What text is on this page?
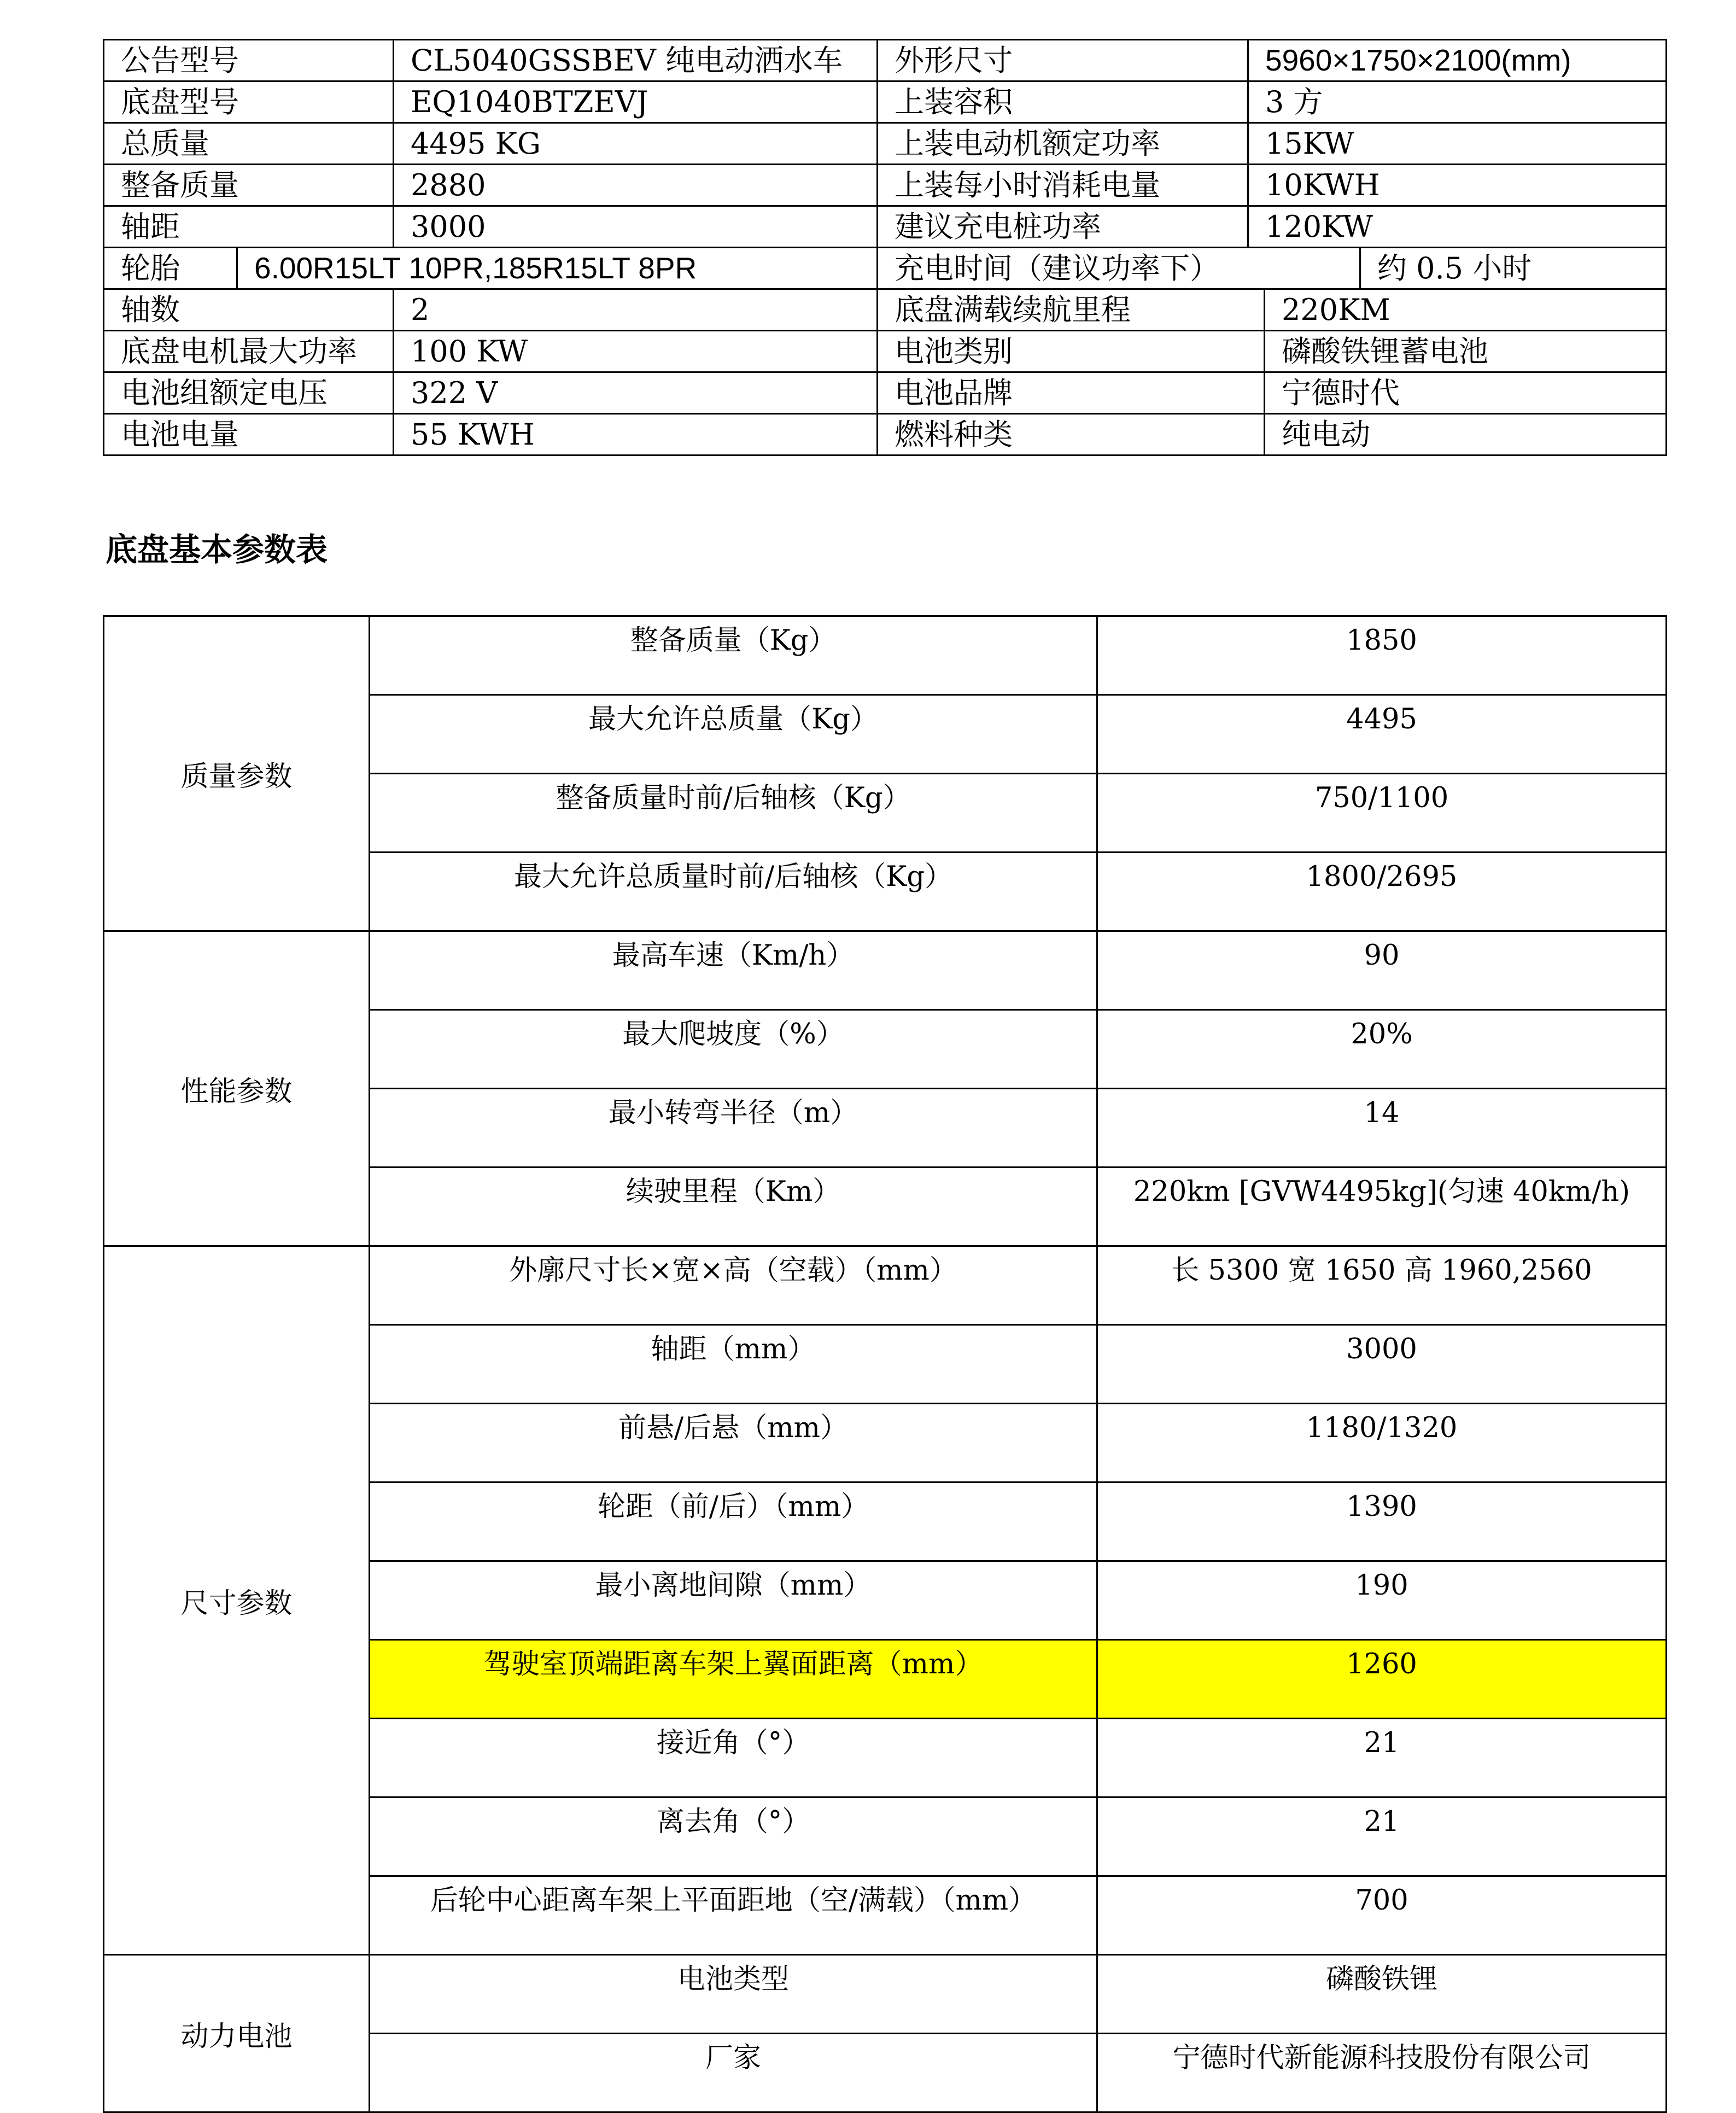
公告型号		CL5040GSSBEV 纯电动洒水车	外形尺寸	5960×1750×2100(mm)		
底盘型号		EQ1040BTZEVJ	上装容积	3 方		
总质量		4495 KG	上装电动机额定功率	15KW		
整备质量		2880	上装每小时消耗电量	10KWH		
轴距		3000	建议充电桩功率	120KW		
轮胎	6.00R15LT 10PR,185R15LT 8PR		充电时间（建议功率下）			约 0.5 小时
轴数		2	底盘满载续航里程		220KM	
底盘电机最大功率		100 KW	电池类别		磷酸铁锂蓄电池	
电池组额定电压		322 V	电池品牌		宁德时代	
电池电量		55 KWH	燃料种类		纯电动	
底盘基本参数表
质量参数	整备质量（Kg）	1850
	最大允许总质量（Kg）	4495
	整备质量时前/后轴核（Kg）	750/1100
	最大允许总质量时前/后轴核（Kg）	1800/2695
性能参数	最高车速（Km/h）	90
	最大爬坡度（%）	20%
	最小转弯半径（m）	14
	续驶里程（Km）	220km [GVW4495kg](匀速 40km/h)
尺寸参数	外廓尺寸长×宽×高（空载）（mm）	长 5300 宽 1650 高 1960,2560
	轴距（mm）	3000
	前悬/后悬（mm）	1180/1320
	轮距（前/后）（mm）	1390
	最小离地间隙（mm）	190
	驾驶室顶端距离车架上翼面距离（mm）	1260
	接近角（°）	21
	离去角（°）	21
	后轮中心距离车架上平面距地（空/满载）（mm）	700
动力电池	电池类型	磷酸铁锂
	厂家	宁德时代新能源科技股份有限公司
